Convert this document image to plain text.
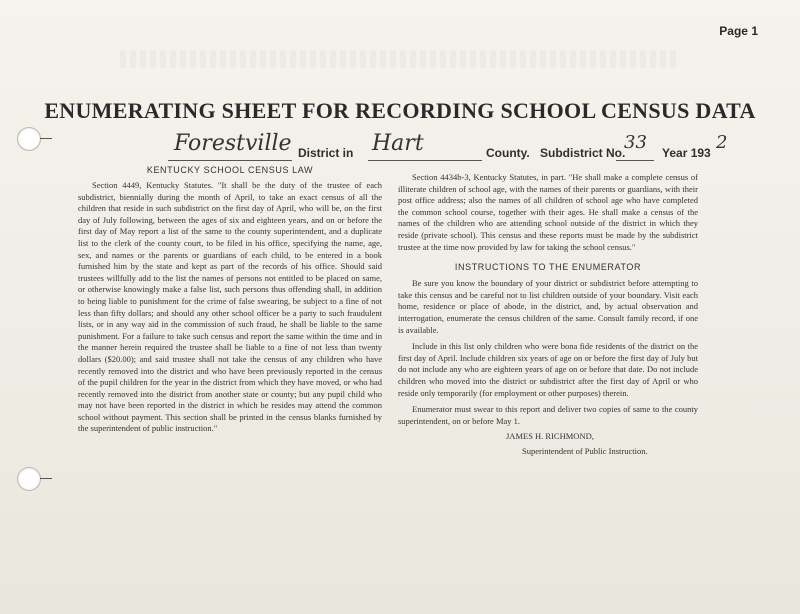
Page 1
ENUMERATING SHEET FOR RECORDING SCHOOL CENSUS DATA
Forestville District in Hart	County. Subdistrict No.
33 Year 193 2

KENTUCKY SCHOOL CENSUS LAW

Section 4449, Kentucky Statutes. "It shall be the duty of the trustee of each subdistrict, biennially during the month of April, to take an exact census of all the children that reside in such subdistrict on the first day of April, who will be, on the first day of July following, between the ages of six and eighteen years, and on or before the first day of May report a list of the same to the county superintendent, and a duplicate list to the clerk of the county court, to be filed in his office, specifying the name, age, sex, and names or the parents or guardians of each child, to be entered in a book furnished him by the state and kept as part of the records of his office. Should said trustees willfully add to the list the names of persons not entitled to be placed on same, or otherwise knowingly make a false list, such persons thus offending shall, in addition to being liable to punishment for the crime of false swearing, be subject to a fine of not less than fifty dollars; and should any other school officer be a party to such fraudulent lists, or in any way aid in the commission of such fraud, he shall be liable to the same punishment. For a failure to take such census and report the same within the time and in the manner herein required the trustee shall be liable to a fine of not less than twenty dollars ($20.00); and said trustee shall not take the census of any children who have recently removed into the district and who have been previously reported in the census of the pupil children for the year in the district from which they have moved, or who had recently removed into the district from another state or county; but any pupil child who may not have been reported in the district in which he resides may attend the common school without payment. This section shall be printed in the census blanks furnished by the superintendent of public instruction."

Section 4434b-3, Kentucky Statutes, in part. "He shall make a complete census of illiterate children of school age, with the names of their parents or guardians, with their post office address; also the names of all children of school age who have completed the common school course, together with their ages. He shall make a census of the names of the children who are attending school outside of the district in which they reside (private school). This census and these reports must be made by the subdistrict trustee at the time now provided by law for taking the school census."

INSTRUCTIONS TO THE ENUMERATOR

Be sure you know the boundary of your district or subdistrict before attempting to take this census and be careful not to list children outside of your boundary. Visit each home, residence or place of abode, in the district, and, by actual observation and interrogation, enumerate the census children of the same. Consult family record, if one is available.

Include in this list only children who were bona fide residents of the district on the first day of April. Include children six years of age on or before the first day of July but do not include any who are eighteen years of age on or before that date. Do not include children who moved into the district or subdistrict after the first day of April or who reside only temporarily (for employment or other purposes) therein.

Enumerator must swear to this report and deliver two copies of same to the county superintendent, on or before May 1.

JAMES H. RICHMOND,

Superintendent of Public Instruction.
